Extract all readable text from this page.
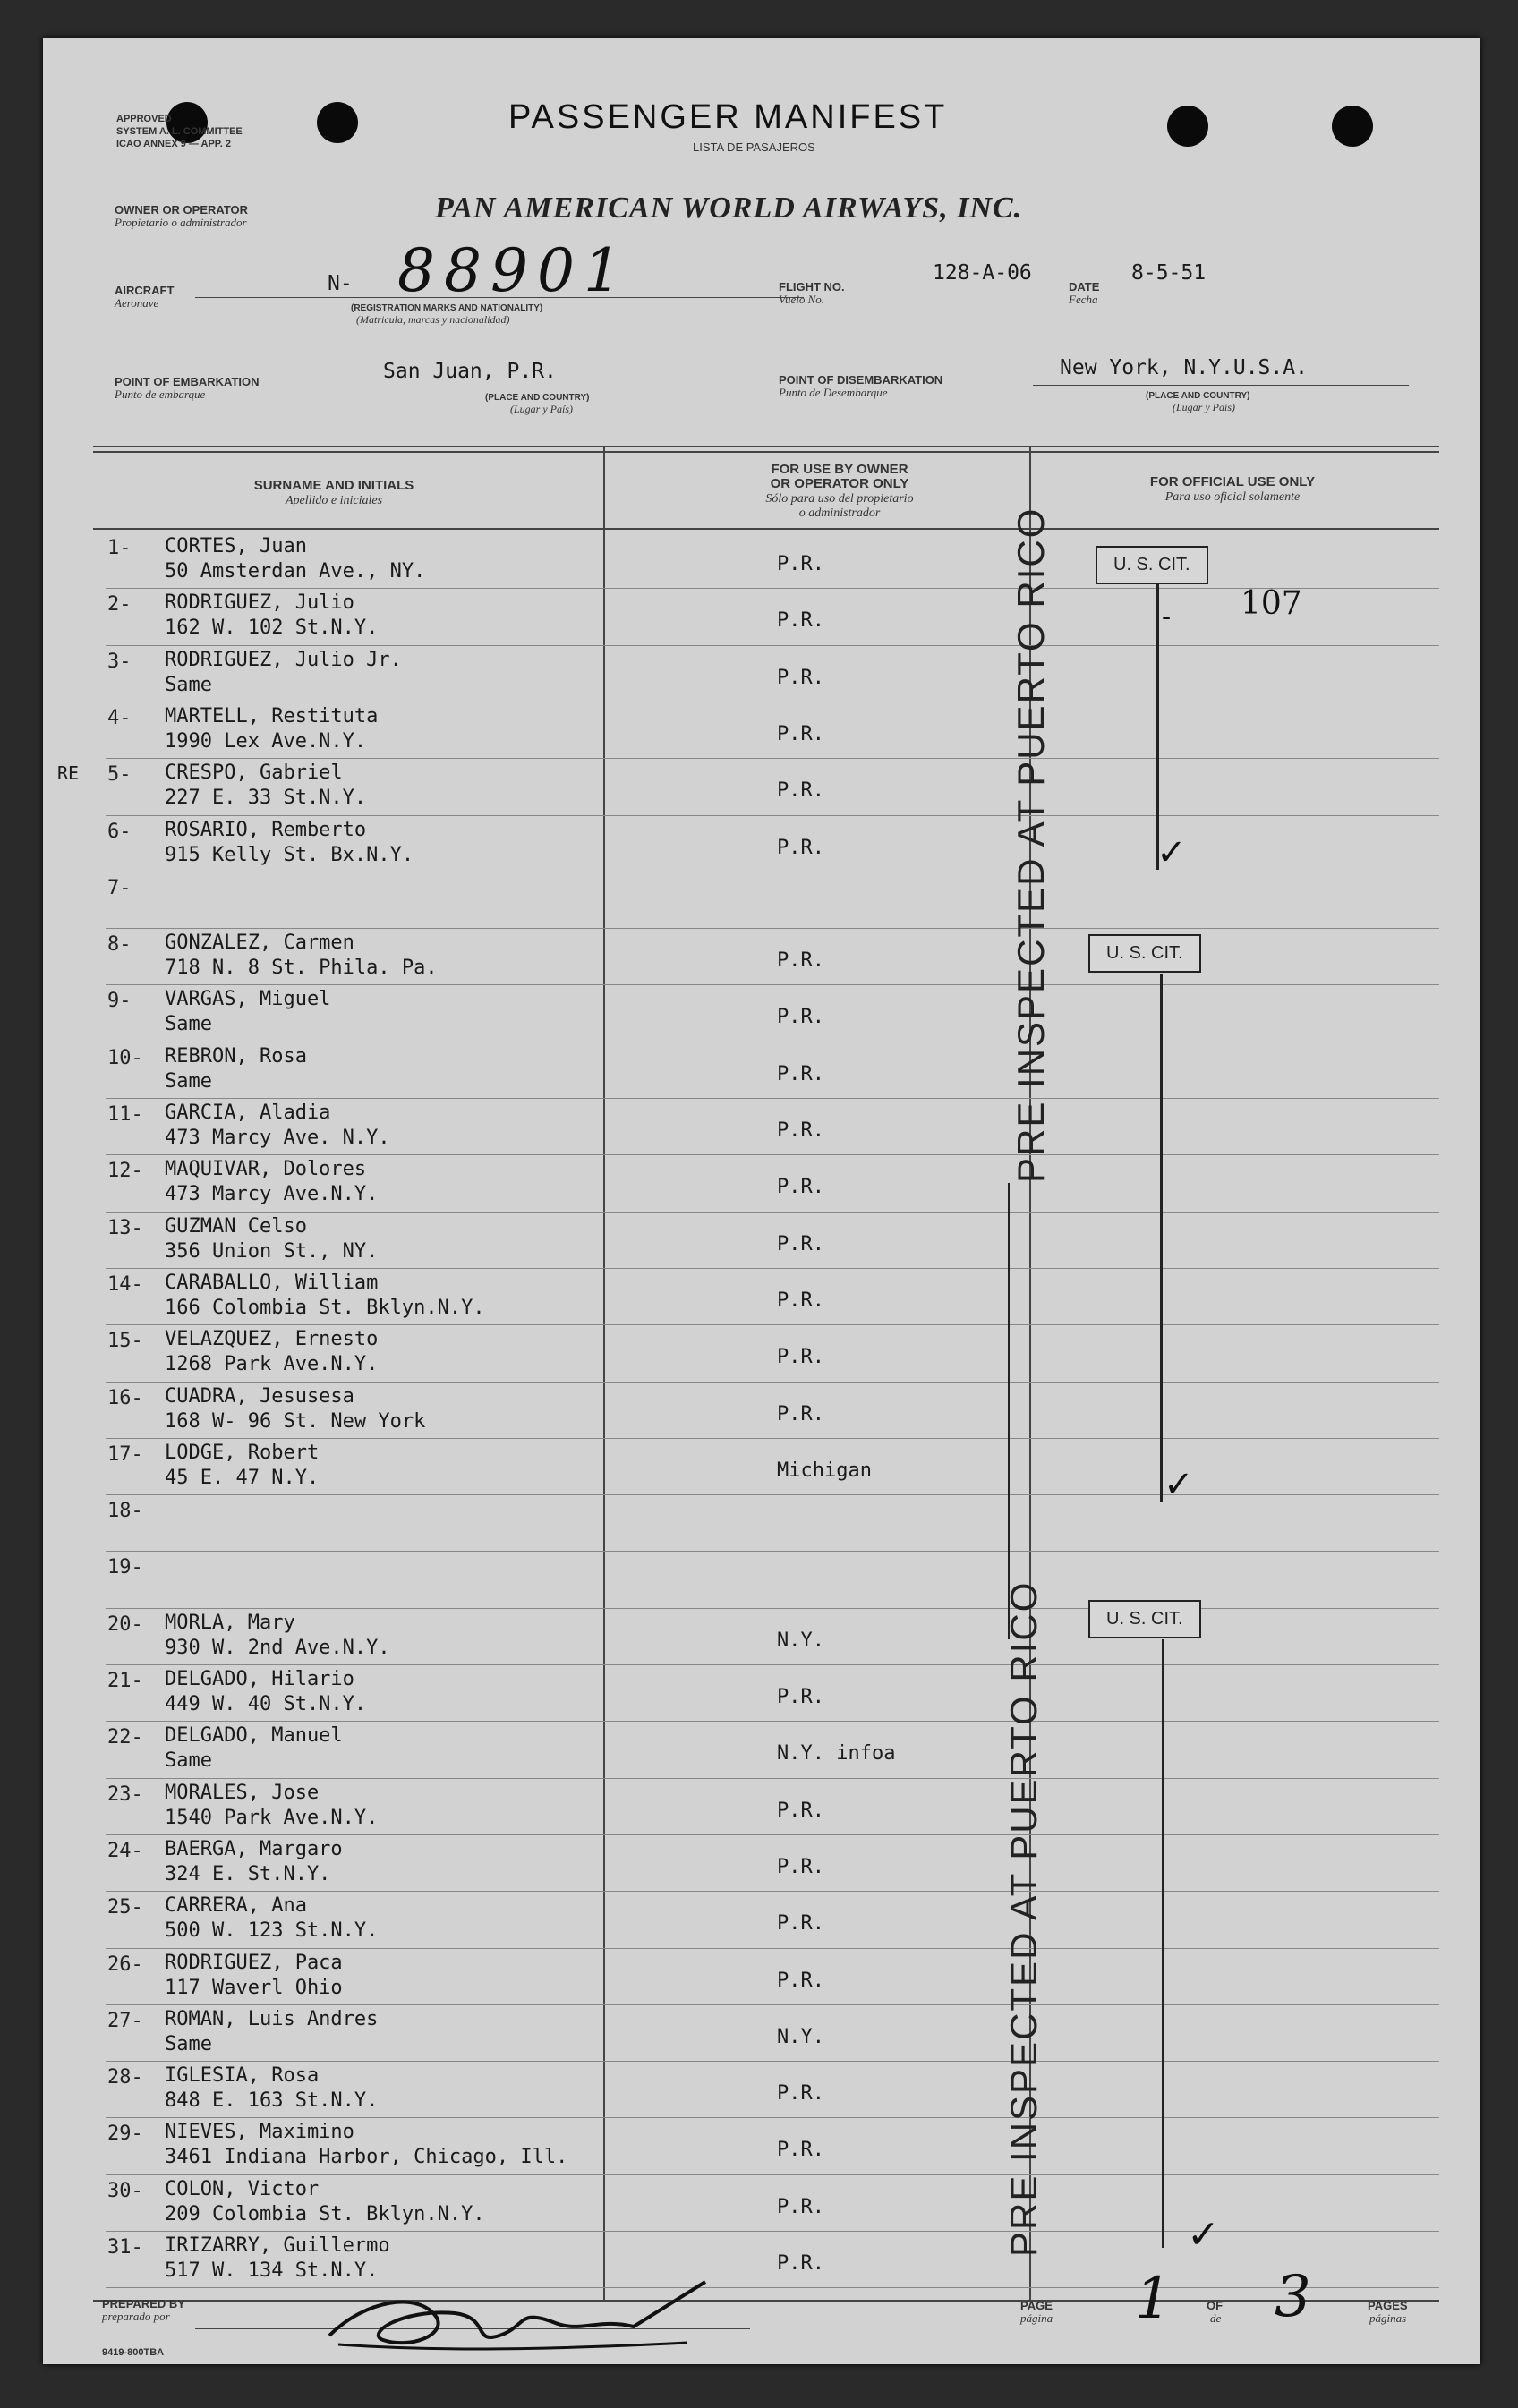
APPROVED
SYSTEM A. L. COMMITTEE
ICAO ANNEX 9 — APP. 2
PASSENGER MANIFEST
LISTA DE PASAJEROS
OWNER OR OPERATOR
Propietario o administrador	PAN AMERICAN WORLD AIRWAYS, INC.
AIRCRAFT
Aeronave
N- 88901
(REGISTRATION MARKS AND NATIONALITY)
(Matricula, marcas y nacionalidad)
FLIGHT NO.
Vuelo No.
128-A-06
DATE
Fecha
8-5-51
POINT OF EMBARKATION
Punto de embarque
San Juan, P.R.
(PLACE AND COUNTRY)
(Lugar y País)
POINT OF DISEMBARKATION
Punto de Desembarque
New York, N.Y.U.S.A.
(PLACE AND COUNTRY)
(Lugar y País)
SURNAME AND INITIALS
Apellido e iniciales
FOR USE BY OWNER
OR OPERATOR ONLY
Sólo para uso del propietario
o administrador
FOR OFFICIAL USE ONLY
Para uso oficial solamente
RE
1- CORTES, Juan
50 Amsterdan Ave., NY.	P.R.
2- RODRIGUEZ, Julio
162 W. 102 St.N.Y.	P.R.
3- RODRIGUEZ, Julio Jr.
Same	P.R.
4- MARTELL, Restituta
1990 Lex Ave.N.Y.	P.R.
5- CRESPO, Gabriel
227 E. 33 St.N.Y.	P.R.
6- ROSARIO, Remberto
915 Kelly St. Bx.N.Y.	P.R.
7-
8- GONZALEZ, Carmen
718 N. 8 St. Phila. Pa.	P.R.
9- VARGAS, Miguel
Same	P.R.
10- REBRON, Rosa
Same	P.R.
11- GARCIA, Aladia
473 Marcy Ave. N.Y.	P.R.
12- MAQUIVAR, Dolores
473 Marcy Ave.N.Y.	P.R.
13- GUZMAN Celso
356 Union St., NY.	P.R.
14- CARABALLO, William
166 Colombia St. Bklyn.N.Y.	P.R.
15- VELAZQUEZ, Ernesto
1268 Park Ave.N.Y.	P.R.
16- CUADRA, Jesusesa
168 W- 96 St. New York	P.R.
17- LODGE, Robert
45 E. 47 N.Y.	Michigan
18-
19-
20- MORLA, Mary
930 W. 2nd Ave.N.Y.	N.Y.
21- DELGADO, Hilario
449 W. 40 St.N.Y.	P.R.
22- DELGADO, Manuel
Same	N.Y. infoa
23- MORALES, Jose
1540 Park Ave.N.Y.	P.R.
24- BAERGA, Margaro
324 E. St.N.Y.	P.R.
25- CARRERA, Ana
500 W. 123 St.N.Y.	P.R.
26- RODRIGUEZ, Paca
117 Waverl Ohio	P.R.
27- ROMAN, Luis Andres
Same	N.Y.
28- IGLESIA, Rosa
848 E. 163 St.N.Y.	P.R.
29- NIEVES, Maximino
3461 Indiana Harbor, Chicago, Ill.	P.R.
30- COLON, Victor
209 Colombia St. Bklyn.N.Y.	P.R.
31- IRIZARRY, Guillermo
517 W. 134 St.N.Y.	P.R.
U. S. CIT.
✓
107
-
U. S. CIT.
✓
U. S. CIT.
✓
PRE INSPECTED AT PUERTO RICO
PRE INSPECTED AT PUERTO RICO
PREPARED BY
preparado por
PAGE
página 1	OF
de 3	PAGES
páginas
9419-800TBA
